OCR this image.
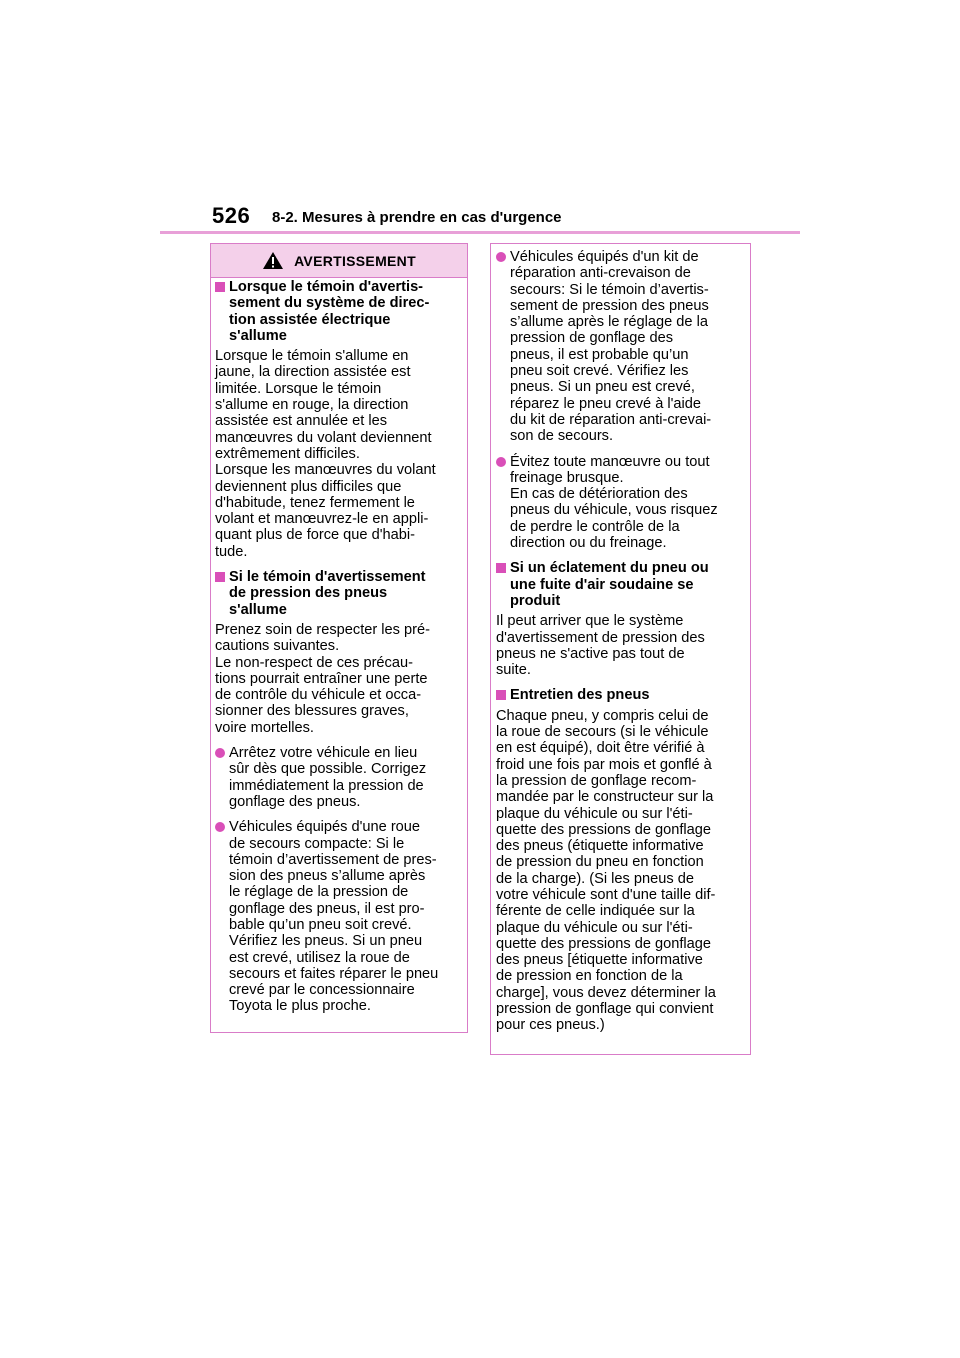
526 8-2. Mesures à prendre en cas d'urgence
AVERTISSEMENT
Lorsque le témoin d'avertis-
sement du système de direc-
tion assistée électrique
s'allume
Lorsque le témoin s'allume en
jaune, la direction assistée est
limitée. Lorsque le témoin
s'allume en rouge, la direction
assistée est annulée et les
manœuvres du volant deviennent
extrêmement difficiles.
Lorsque les manœuvres du volant
deviennent plus difficiles que
d'habitude, tenez fermement le
volant et manœuvrez-le en appli-
quant plus de force que d'habi-
tude.
Si le témoin d'avertissement
de pression des pneus
s'allume
Prenez soin de respecter les pré-
cautions suivantes.
Le non-respect de ces précau-
tions pourrait entraîner une perte
de contrôle du véhicule et occa-
sionner des blessures graves,
voire mortelles.
Arrêtez votre véhicule en lieu
sûr dès que possible. Corrigez
immédiatement la pression de
gonflage des pneus.
Véhicules équipés d'une roue
de secours compacte: Si le
témoin d’avertissement de pres-
sion des pneus s’allume après
le réglage de la pression de
gonflage des pneus, il est pro-
bable qu’un pneu soit crevé.
Vérifiez les pneus. Si un pneu
est crevé, utilisez la roue de
secours et faites réparer le pneu
crevé par le concessionnaire
Toyota le plus proche.
Véhicules équipés d'un kit de
réparation anti-crevaison de
secours: Si le témoin d’avertis-
sement de pression des pneus
s’allume après le réglage de la
pression de gonflage des
pneus, il est probable qu’un
pneu soit crevé. Vérifiez les
pneus. Si un pneu est crevé,
réparez le pneu crevé à l'aide
du kit de réparation anti-crevai-
son de secours.
Évitez toute manœuvre ou tout
freinage brusque.
En cas de détérioration des
pneus du véhicule, vous risquez
de perdre le contrôle de la
direction ou du freinage.
Si un éclatement du pneu ou
une fuite d'air soudaine se
produit
Il peut arriver que le système
d'avertissement de pression des
pneus ne s'active pas tout de
suite.
Entretien des pneus
Chaque pneu, y compris celui de
la roue de secours (si le véhicule
en est équipé), doit être vérifié à
froid une fois par mois et gonflé à
la pression de gonflage recom-
mandée par le constructeur sur la
plaque du véhicule ou sur l'éti-
quette des pressions de gonflage
des pneus (étiquette informative
de pression du pneu en fonction
de la charge). (Si les pneus de
votre véhicule sont d'une taille dif-
férente de celle indiquée sur la
plaque du véhicule ou sur l'éti-
quette des pressions de gonflage
des pneus [étiquette informative
de pression en fonction de la
charge], vous devez déterminer la
pression de gonflage qui convient
pour ces pneus.)
